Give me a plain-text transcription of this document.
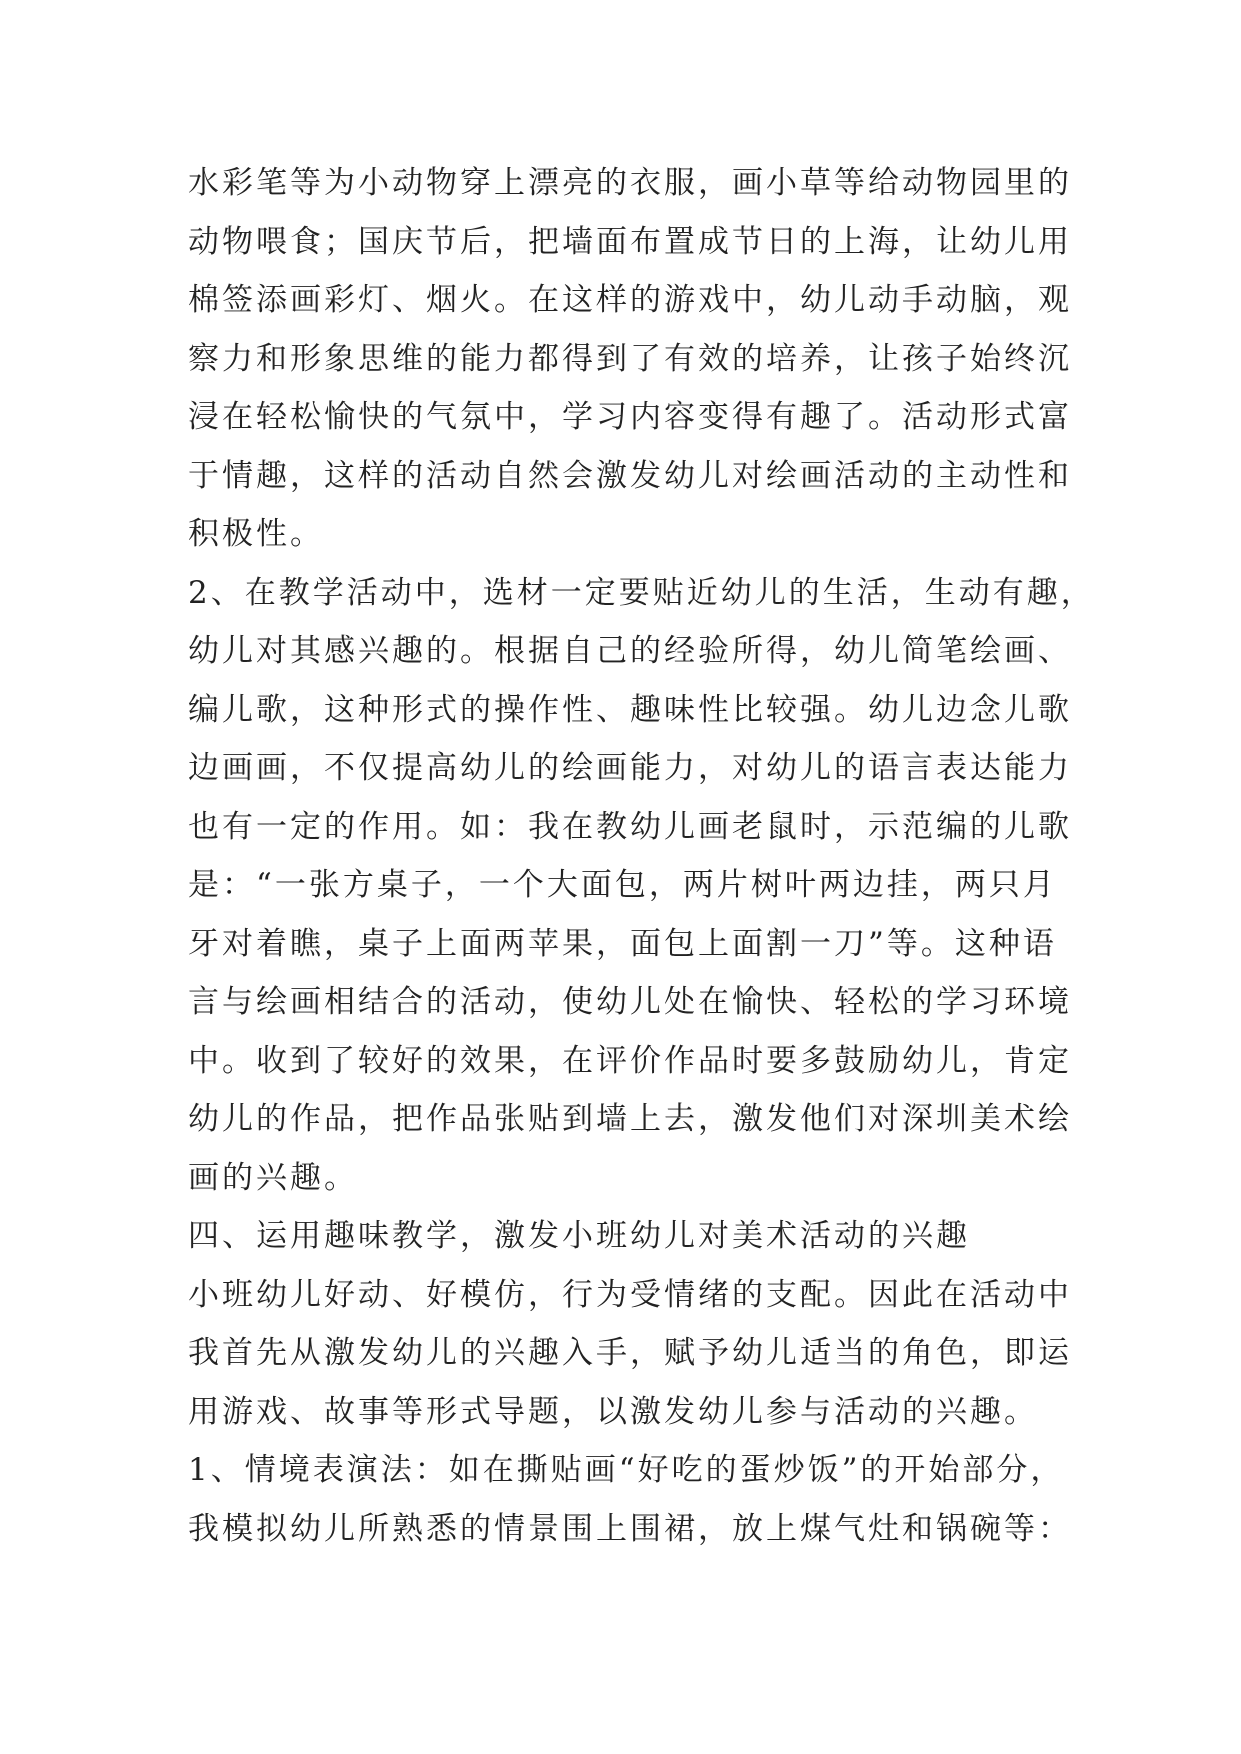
水彩笔等为小动物穿上漂亮的衣服，画小草等给动物园里的
动物喂食；国庆节后，把墙面布置成节日的上海，让幼儿用
棉签添画彩灯、烟火。在这样的游戏中，幼儿动手动脑，观
察力和形象思维的能力都得到了有效的培养，让孩子始终沉
浸在轻松愉快的气氛中，学习内容变得有趣了。活动形式富
于情趣，这样的活动自然会激发幼儿对绘画活动的主动性和
积极性。
2、在教学活动中，选材一定要贴近幼儿的生活，生动有趣，
幼儿对其感兴趣的。根据自己的经验所得，幼儿简笔绘画、
编儿歌，这种形式的操作性、趣味性比较强。幼儿边念儿歌
边画画，不仅提高幼儿的绘画能力，对幼儿的语言表达能力
也有一定的作用。如：我在教幼儿画老鼠时，示范编的儿歌
是：“一张方桌子，一个大面包，两片树叶两边挂，两只月
牙对着瞧，桌子上面两苹果，面包上面割一刀”等。这种语
言与绘画相结合的活动，使幼儿处在愉快、轻松的学习环境
中。收到了较好的效果，在评价作品时要多鼓励幼儿，肯定
幼儿的作品，把作品张贴到墙上去，激发他们对深圳美术绘
画的兴趣。
四、运用趣味教学，激发小班幼儿对美术活动的兴趣
小班幼儿好动、好模仿，行为受情绪的支配。因此在活动中
我首先从激发幼儿的兴趣入手，赋予幼儿适当的角色，即运
用游戏、故事等形式导题，以激发幼儿参与活动的兴趣。
1、情境表演法：如在撕贴画“好吃的蛋炒饭”的开始部分，
我模拟幼儿所熟悉的情景围上围裙，放上煤气灶和锅碗等：
